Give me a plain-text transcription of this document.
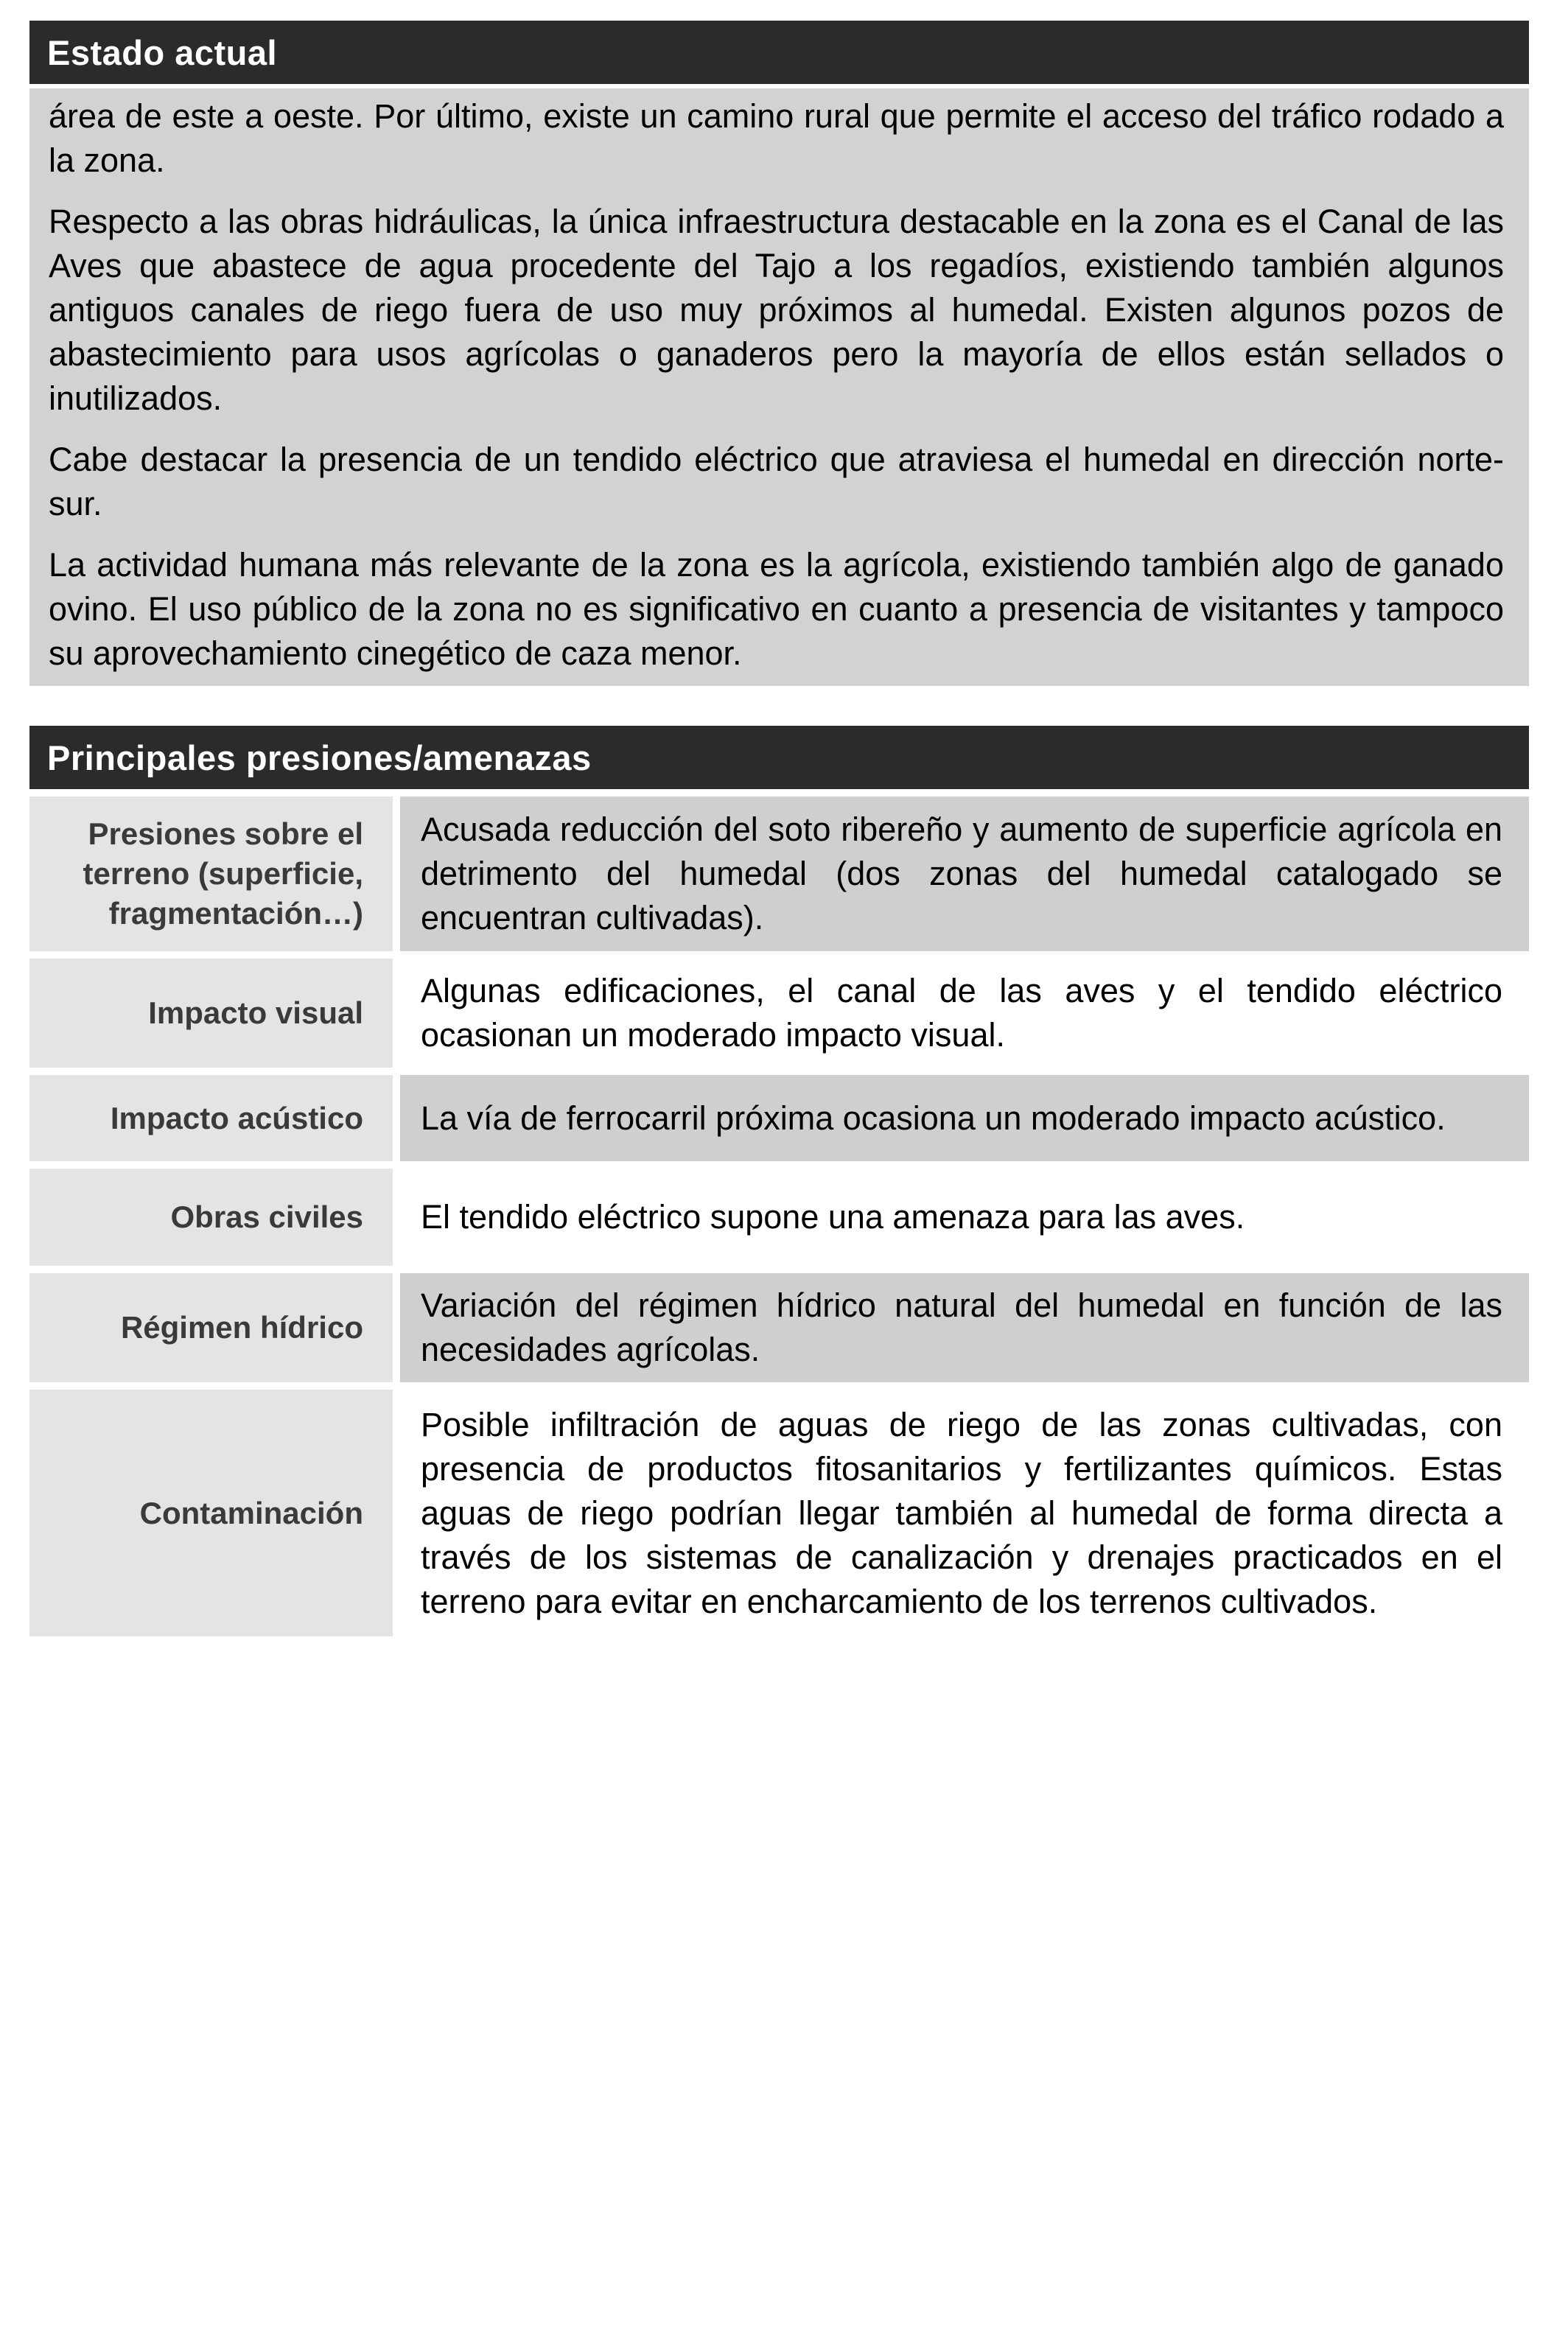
Estado actual

área de este a oeste. Por último, existe un camino rural que permite el acceso del tráfico rodado a la zona.

Respecto a las obras hidráulicas, la única infraestructura destacable en la zona es el Canal de las Aves que abastece de agua procedente del Tajo a los regadíos, existiendo también algunos antiguos canales de riego fuera de uso muy próximos al humedal. Existen algunos pozos de abastecimiento para usos agrícolas o ganaderos pero la mayoría de ellos están sellados o inutilizados.

Cabe destacar la presencia de un tendido eléctrico que atraviesa el humedal en dirección norte-sur.

La actividad humana más relevante de la zona es la agrícola, existiendo también algo de ganado ovino. El uso público de la zona no es significativo en cuanto a presencia de visitantes y tampoco su aprovechamiento cinegético de caza menor.

Principales presiones/amenazas
Presiones sobre el terreno (superficie, fragmentación…)
Acusada reducción del soto ribereño y aumento de superficie agrícola en detrimento del humedal (dos zonas del humedal catalogado se encuentran cultivadas).
Impacto visual
Algunas edificaciones, el canal de las aves y el tendido eléctrico ocasionan un moderado impacto visual.
Impacto acústico La vía de ferrocarril próxima ocasiona un moderado impacto acústico.
Obras civiles El tendido eléctrico supone una amenaza para las aves.
Régimen hídrico
Variación del régimen hídrico natural del humedal en función de las necesidades agrícolas.
Contaminación
Posible infiltración de aguas de riego de las zonas cultivadas, con presencia de productos fitosanitarios y fertilizantes químicos. Estas aguas de riego podrían llegar también al humedal de forma directa a través de los sistemas de canalización y drenajes practicados en el terreno para evitar en encharcamiento de los terrenos cultivados.
